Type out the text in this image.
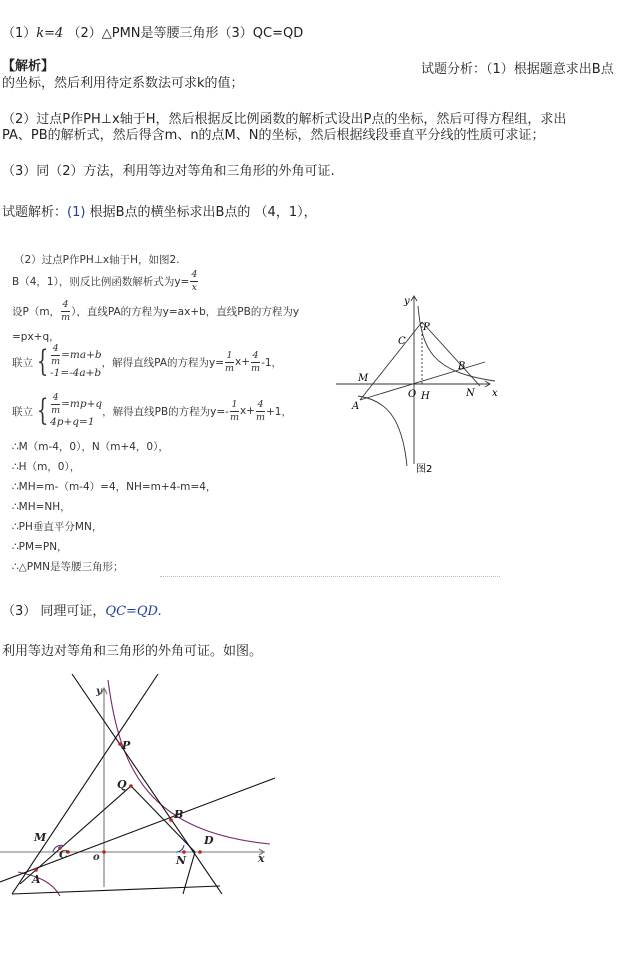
（1）k=4 （2）△PMN是等腰三角形（3）QC=QD
【解析】	试题分析：（1）根据题意求出B点
的坐标，然后利用待定系数法可求k的值；
（2）过点P作PH⊥x轴于H，然后根据反比例函数的解析式设出P点的坐标，然后可得方程组，求出
PA、PB的解析式，然后得含m、n的点M、N的坐标，然后根据线段垂直平分线的性质可求证；
（3）同（2）方法，利用等边对等角和三角形的外角可证.
试题解析：(1) 根据B点的横坐标求出B点的 （4，1），
（2）过点P作PH⊥x轴于H，如图2.
B（4，1），则反比例函数解析式为$y= \frac{4}{x}$
设P（m， $\frac{4}{m}$ ），直线PA的方程为y=ax+b，直线PB的方程为y
=px+q，
联立 { $\frac{4}{m} =ma+b$
-1=-4a+b
，解得直线PA的方程为$y= \frac{1}{m} x+ \frac{4}{m} -1$，
联立 { $\frac{4}{m} =mp+q$
4p+q=1
，解得直线PB的方程为$y=- \frac{1}{m} x+ \frac{4}{m} +1$，
∴M（m-4，0），N（m+4，0），
∴H（m，0），
∴MH=m-（m-4）=4，NH=m+4-m=4，
∴MH=NH，
∴PH垂直平分MN，
∴PM=PN，
∴△PMN是等腰三角形；
y
x
P
C
B
M
A
O H	N
图2
（3） 同理可证，QC=QD.
利用等边对等角和三角形的外角可证。如图。
y
x
P
Q
B
M
C	o	N
D
A
